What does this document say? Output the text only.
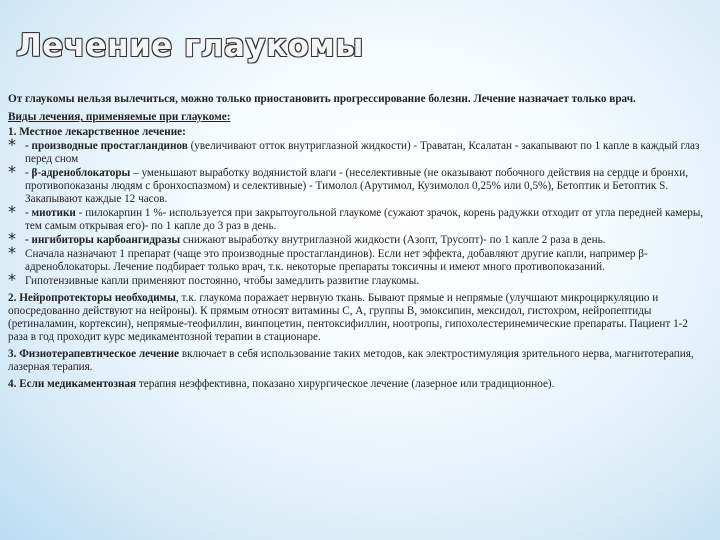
Лечение глаукомы

От глаукомы нельзя вылечиться, можно только приостановить прогрессирование болезни. Лечение назначает только врач.

Виды лечения, применяемые при глаукоме:

1. Местное лекарственное лечение:

* - производные простагландинов (увеличивают отток внутриглазной жидкости) - Траватан, Ксалатан - закапывают по 1 капле в каждый глаз перед сном
* - β-адреноблокаторы – уменьшают выработку водянистой влаги - (неселективные (не оказывают побочного действия на сердце и бронхи, противопоказаны людям с бронхоспазмом) и селективные) - Тимолол (Арутимол, Кузимолол 0,25% или 0,5%), Бетоптик и Бетоптик S. Закапывают каждые 12 часов.
* - миотики - пилокарпин 1 %- используется при закрытоугольной глаукоме (сужают зрачок, корень радужки отходит от угла передней камеры, тем самым открывая его)- по 1 капле до 3 раз в день.
* - ингибиторы карбоангидразы снижают выработку внутриглазной жидкости (Азопт, Трусопт)- по 1 капле 2 раза в день.
* Сначала назначают 1 препарат (чаще это производные простагландинов). Если нет эффекта, добавляют другие капли, например β-адреноблокаторы. Лечение подбирает только врач, т.к. некоторые препараты токсичны и имеют много противопоказаний.
* Гипотензивные капли применяют постоянно, чтобы замедлить развитие глаукомы.

2. Нейропротекторы необходимы, т.к. глаукома поражает нервную ткань. Бывают прямые и непрямые (улучшают микроциркуляцию и опосредованно действуют на нейроны). К прямым относят витамины С, А, группы В, эмоксипин, мексидол, гистохром, нейропептиды (ретиналамин, кортексин), непрямые-теофиллин, винпоцетин, пентоксифиллин, ноотропы, гипохолестеринемические препараты. Пациент 1-2 раза в год проходит курс медикаментозной терапии в стационаре.

3. Физиотерапевтическое лечение включает в себя использование таких методов, как электростимуляция зрительного нерва, магнитотерапия, лазерная терапия.

4. Если медикаментозная терапия неэффективна, показано хирургическое лечение (лазерное или традиционное).
